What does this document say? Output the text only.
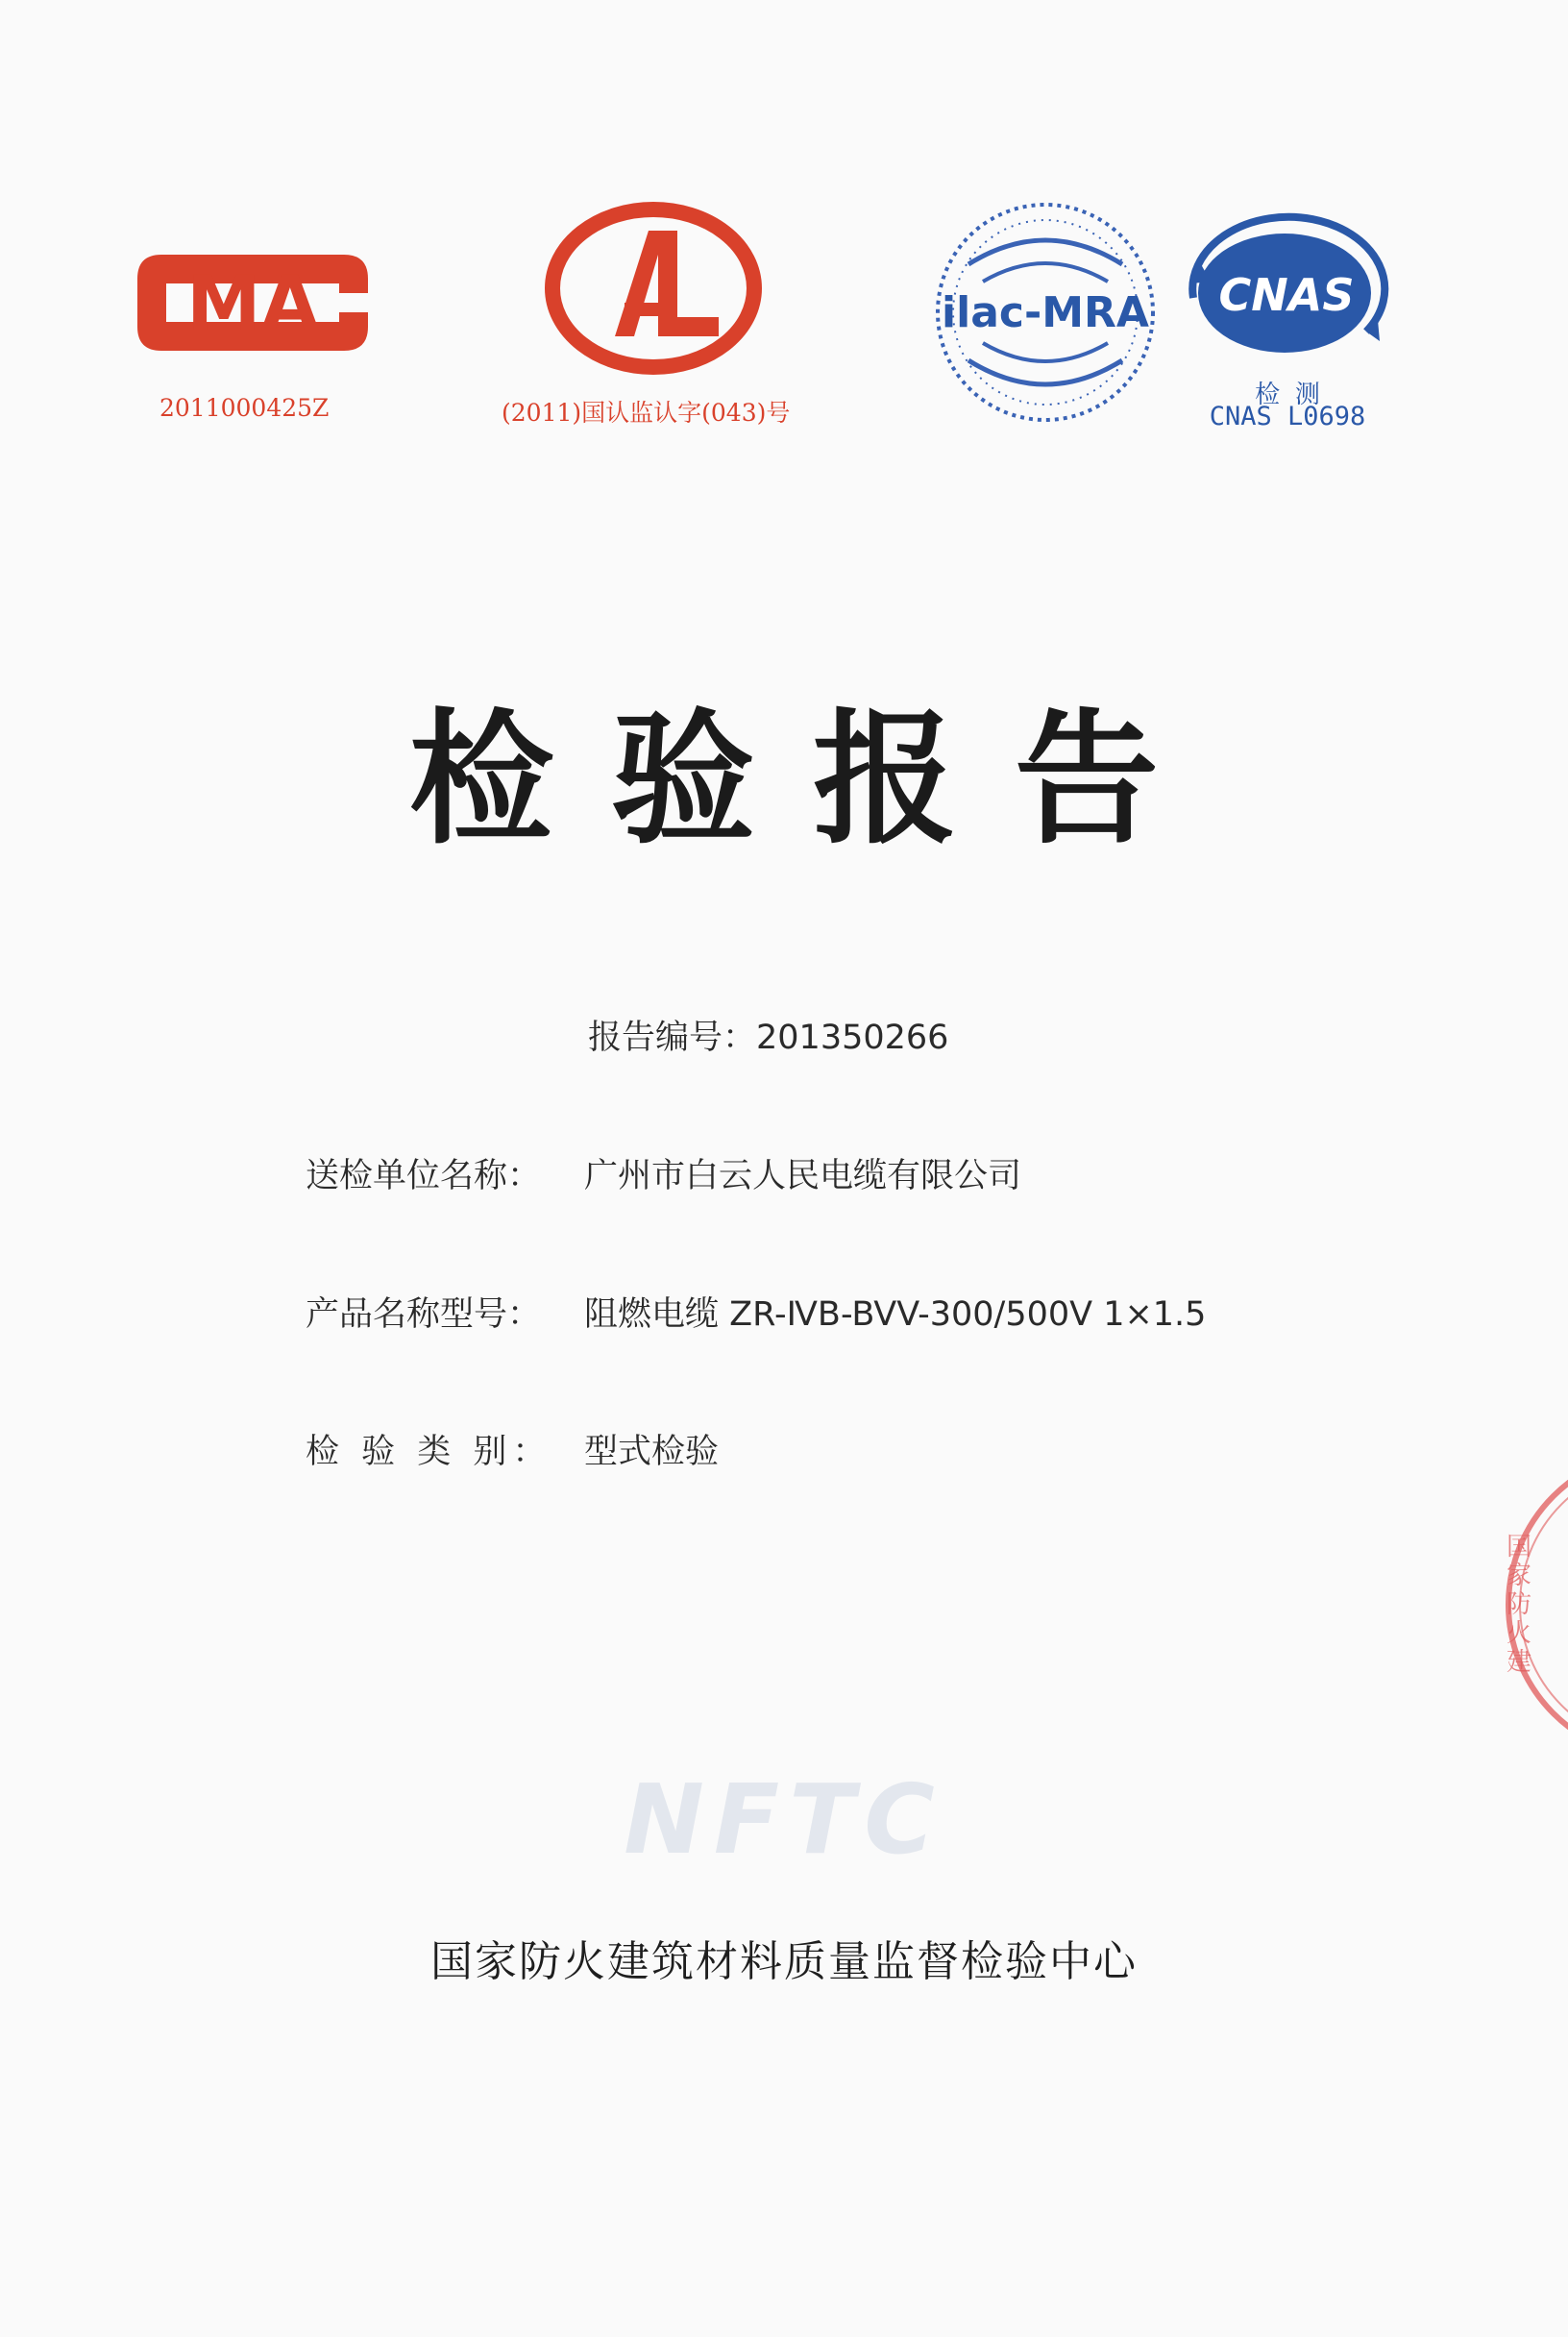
MA
2011000425Z	(2011)国认监认字(043)号
ilac-MRA CNAS
检 测
CNAS L0698
检验报告
报告编号：201350266
送检单位名称： 广州市白云人民电缆有限公司
产品名称型号： 阻燃电缆 ZR-ⅣB-BVV-300/500V 1×1.5
检 验 类 别： 型式检验
NFTC
国家防火建筑材料质量监督检验中心
国家防火建
